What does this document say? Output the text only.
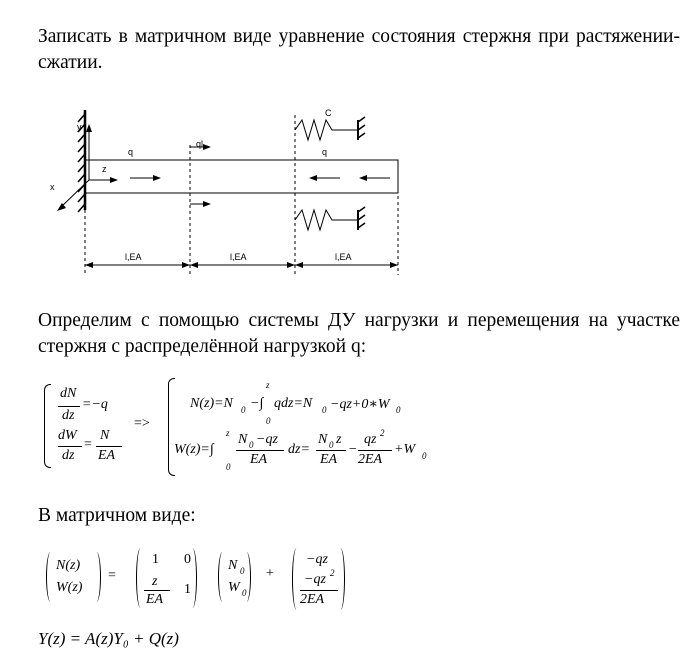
Записать в матричном виде уравнение состояния стержня при растяжении-сжатии.
y
x
z
q
ql
q
C
l,EA	l,EA	l,EA
Определим с помощью системы ДУ нагрузки и перемещения на участке стержня с распределённой нагрузкой q:
dN
dz
=−q
dW
dz
=
N
EA
=>
N(z)=N 0 −∫
z
0
qdz=N 0 −qz+0∗W 0
W(z)=∫
z
0
N 0 −qz
EA
dz=
N 0 z
EA
−
qz 2
2EA
+W 0
В матричном виде:
N(z)
W(z)
=
1 0
z
EA
1
N 0
W 0
+
−qz
−qz 2
2EA
Y(z) = A(z)Y₀ + Q(z)
